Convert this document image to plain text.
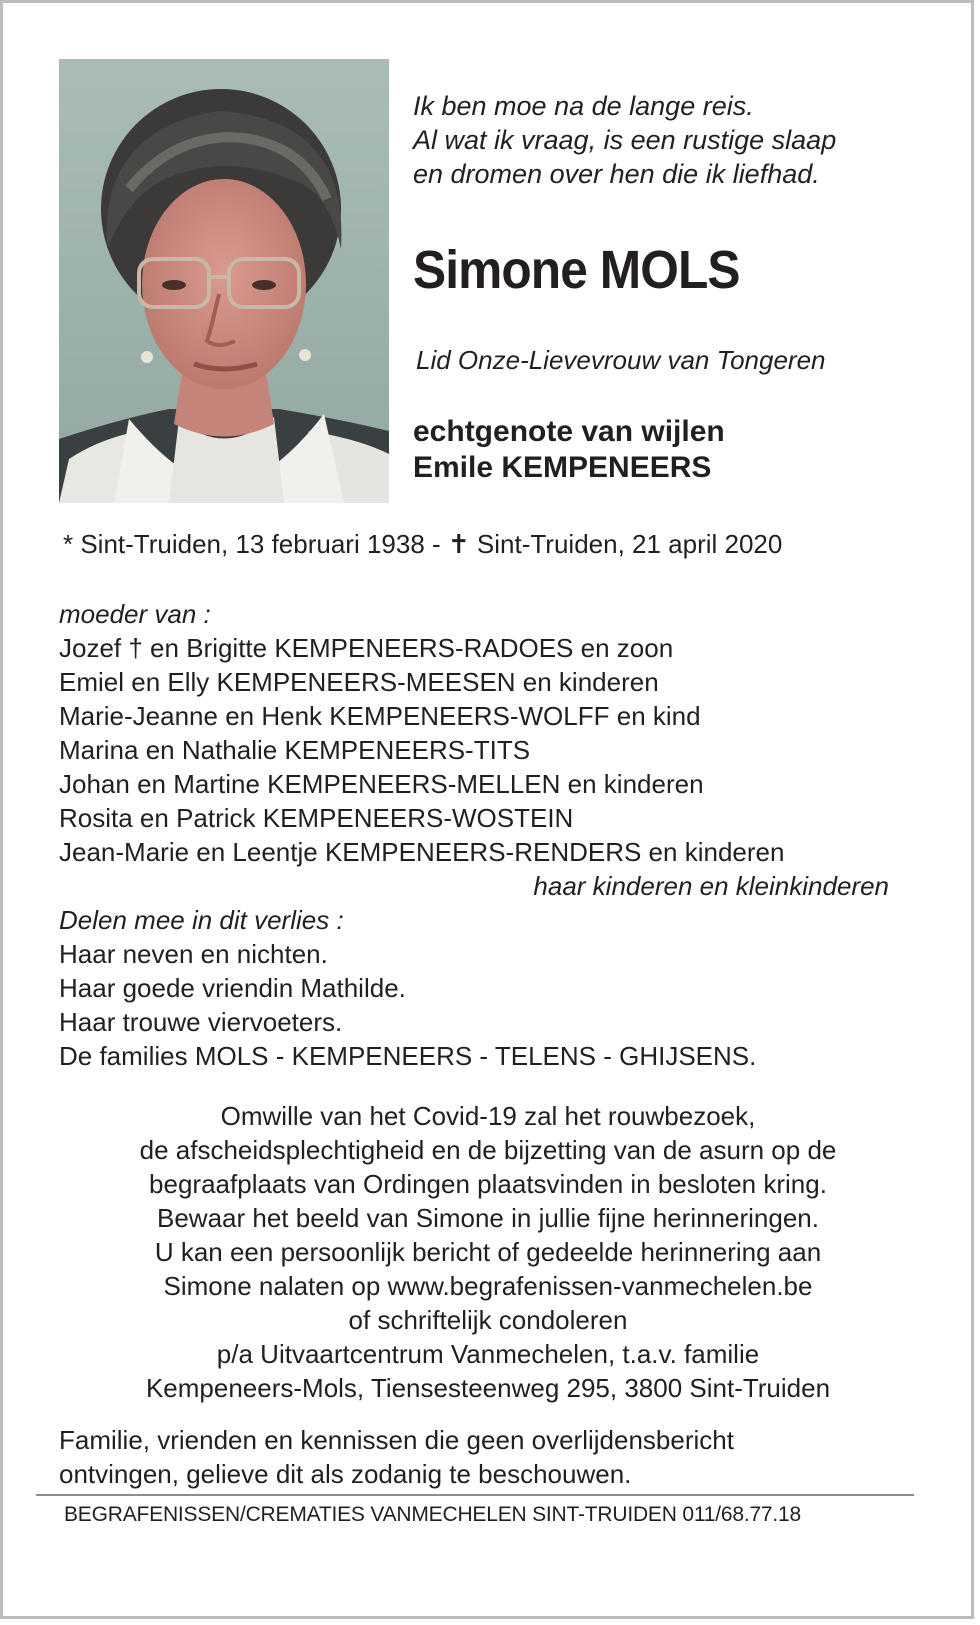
Ik ben moe na de lange reis.
Al wat ik vraag, is een rustige slaap
en dromen over hen die ik liefhad.
Simone MOLS
Lid Onze-Lievevrouw van Tongeren
echtgenote van wijlen
Emile KEMPENEERS
* Sint-Truiden, 13 februari 1938 - ✝ Sint-Truiden, 21 april 2020
moeder van :
Jozef † en Brigitte KEMPENEERS-RADOES en zoon
Emiel en Elly KEMPENEERS-MEESEN en kinderen
Marie-Jeanne en Henk KEMPENEERS-WOLFF en kind
Marina en Nathalie KEMPENEERS-TITS
Johan en Martine KEMPENEERS-MELLEN en kinderen
Rosita en Patrick KEMPENEERS-WOSTEIN
Jean-Marie en Leentje KEMPENEERS-RENDERS en kinderen
haar kinderen en kleinkinderen
Delen mee in dit verlies :
Haar neven en nichten.
Haar goede vriendin Mathilde.
Haar trouwe viervoeters.
De families MOLS - KEMPENEERS - TELENS - GHIJSENS.
Omwille van het Covid-19 zal het rouwbezoek,
de afscheidsplechtigheid en de bijzetting van de asurn op de
begraafplaats van Ordingen plaatsvinden in besloten kring.
Bewaar het beeld van Simone in jullie fijne herinneringen.
U kan een persoonlijk bericht of gedeelde herinnering aan
Simone nalaten op www.begrafenissen-vanmechelen.be
of schriftelijk condoleren
p/a Uitvaartcentrum Vanmechelen, t.a.v. familie
Kempeneers-Mols, Tiensesteenweg 295, 3800 Sint-Truiden
Familie, vrienden en kennissen die geen overlijdensbericht
ontvingen, gelieve dit als zodanig te beschouwen.
BEGRAFENISSEN/CREMATIES VANMECHELEN SINT-TRUIDEN 011/68.77.18
